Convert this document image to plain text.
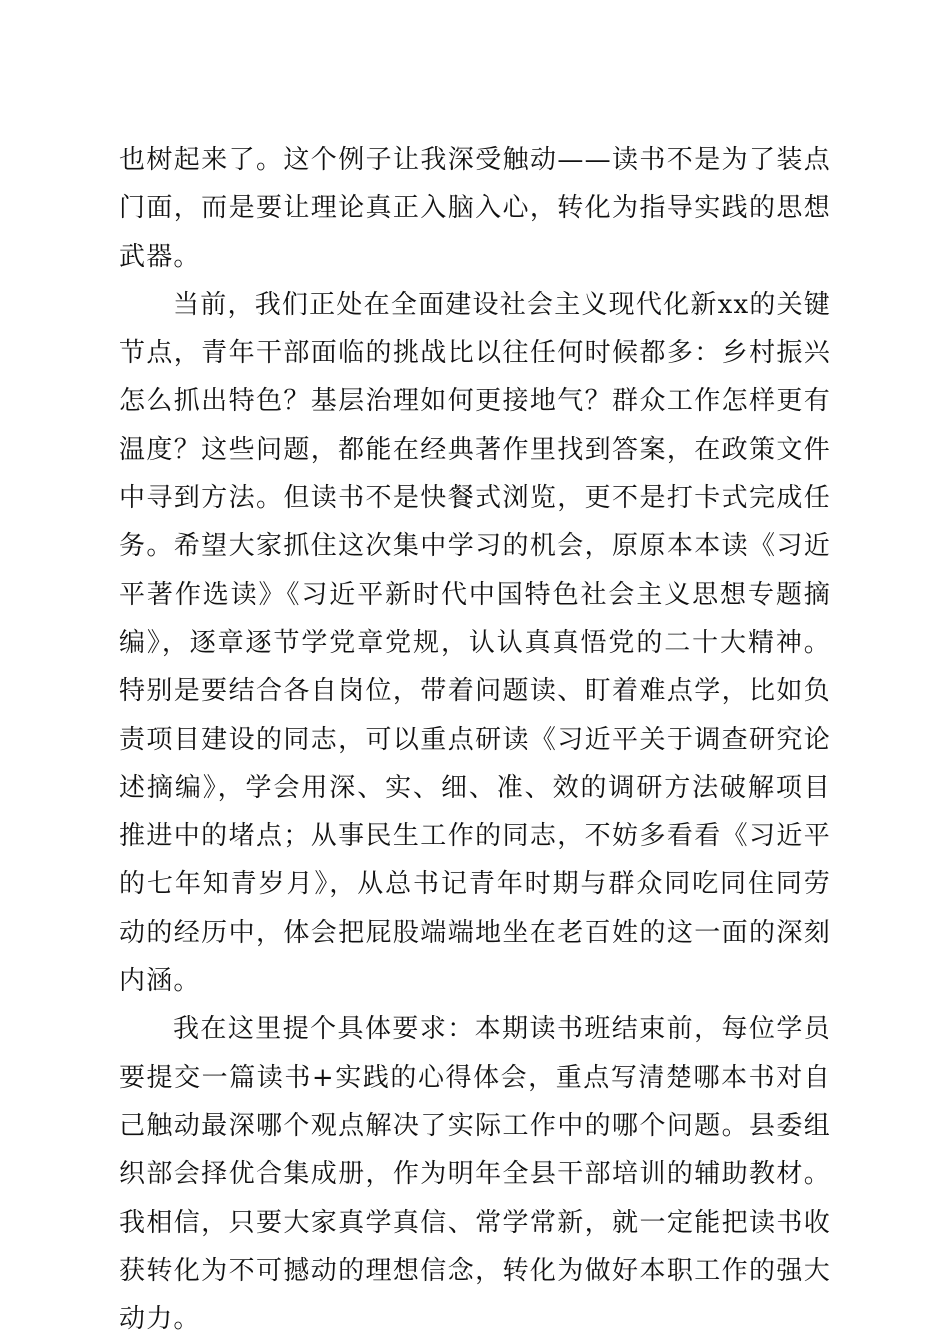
也树起来了。这个例子让我深受触动——读书不是为了装点门面，而是要让理论真正入脑入心，转化为指导实践的思想武器。

当前，我们正处在全面建设社会主义现代化新xx的关键节点，青年干部面临的挑战比以往任何时候都多：乡村振兴怎么抓出特色？基层治理如何更接地气？群众工作怎样更有温度？这些问题，都能在经典著作里找到答案，在政策文件中寻到方法。但读书不是快餐式浏览，更不是打卡式完成任务。希望大家抓住这次集中学习的机会，原原本本读《习近平著作选读》《习近平新时代中国特色社会主义思想专题摘编》，逐章逐节学党章党规，认认真真悟党的二十大精神。特别是要结合各自岗位，带着问题读、盯着难点学，比如负责项目建设的同志，可以重点研读《习近平关于调查研究论述摘编》，学会用深、实、细、准、效的调研方法破解项目推进中的堵点；从事民生工作的同志，不妨多看看《习近平的七年知青岁月》，从总书记青年时期与群众同吃同住同劳动的经历中，体会把屁股端端地坐在老百姓的这一面的深刻内涵。

我在这里提个具体要求：本期读书班结束前，每位学员要提交一篇读书+实践的心得体会，重点写清楚哪本书对自己触动最深哪个观点解决了实际工作中的哪个问题。县委组织部会择优合集成册，作为明年全县干部培训的辅助教材。我相信，只要大家真学真信、常学常新，就一定能把读书收获转化为不可撼动的理想信念，转化为做好本职工作的强大动力。
